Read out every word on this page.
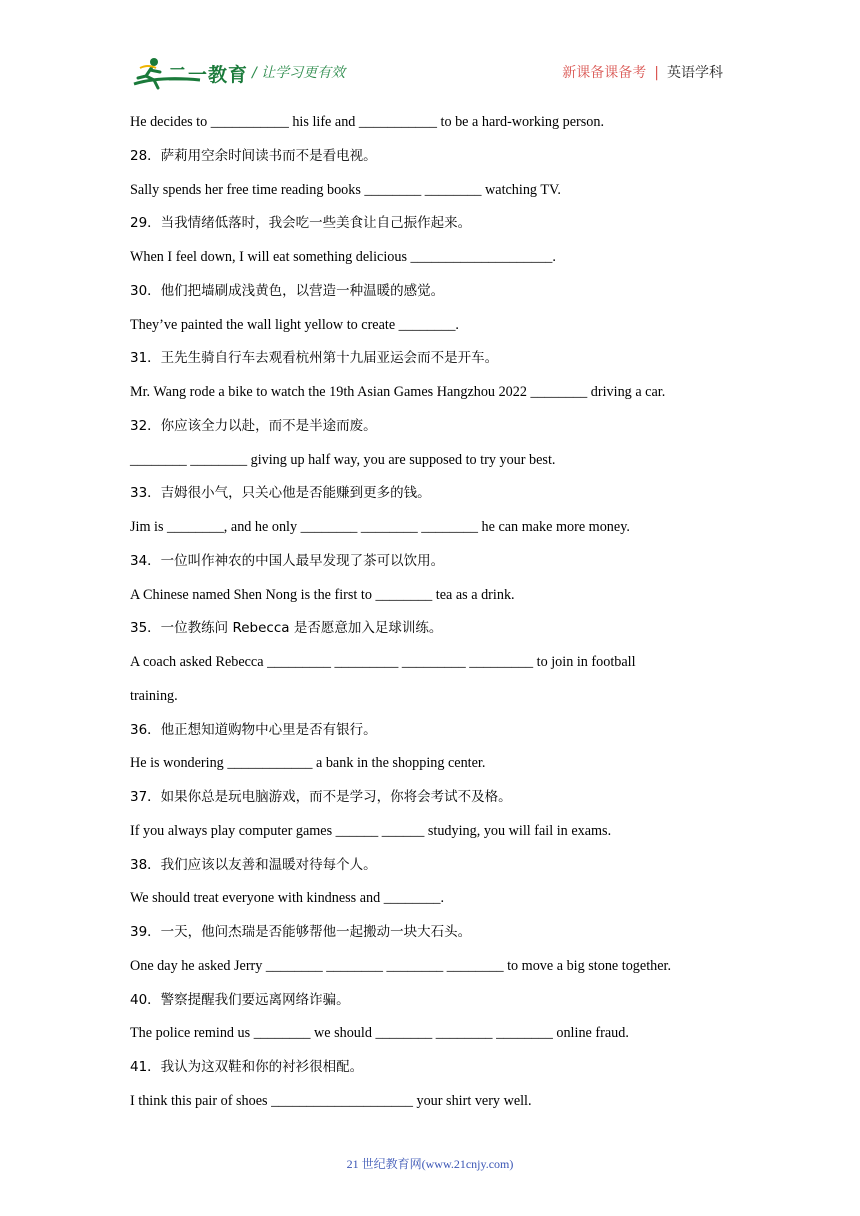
二一教育 / 让学习更有效	新课备课备考 | 英语学科
He decides to ___________ his life and ___________ to be a hard-working person.
28．萨莉用空余时间读书而不是看电视。
Sally spends her free time reading books ________ ________ watching TV.
29．当我情绪低落时，我会吃一些美食让自己振作起来。
When I feel down, I will eat something delicious ____________________.
30．他们把墙刷成浅黄色，以营造一种温暖的感觉。
They’ve painted the wall light yellow to create ________.
31．王先生骑自行车去观看杭州第十九届亚运会而不是开车。
Mr. Wang rode a bike to watch the 19th Asian Games Hangzhou 2022 ________ driving a car.
32．你应该全力以赴，而不是半途而废。
________ ________ giving up half way, you are supposed to try your best.
33．吉姆很小气，只关心他是否能赚到更多的钱。
Jim is ________, and he only ________ ________ ________ he can make more money.
34．一位叫作神农的中国人最早发现了茶可以饮用。
A Chinese named Shen Nong is the first to ________ tea as a drink.
35．一位教练问 Rebecca 是否愿意加入足球训练。
A coach asked Rebecca _________ _________ _________ _________ to join in football
training.
36．他正想知道购物中心里是否有银行。
He is wondering ____________ a bank in the shopping center.
37．如果你总是玩电脑游戏，而不是学习，你将会考试不及格。
If you always play computer games ______ ______ studying, you will fail in exams.
38．我们应该以友善和温暖对待每个人。
We should treat everyone with kindness and ________.
39．一天，他问杰瑞是否能够帮他一起搬动一块大石头。
One day he asked Jerry ________ ________ ________ ________ to move a big stone together.
40．警察提醒我们要远离网络诈骗。
The police remind us ________ we should ________ ________ ________ online fraud.
41．我认为这双鞋和你的衬衫很相配。
I think this pair of shoes ____________________ your shirt very well.
21 世纪教育网(www.21cnjy.com)
